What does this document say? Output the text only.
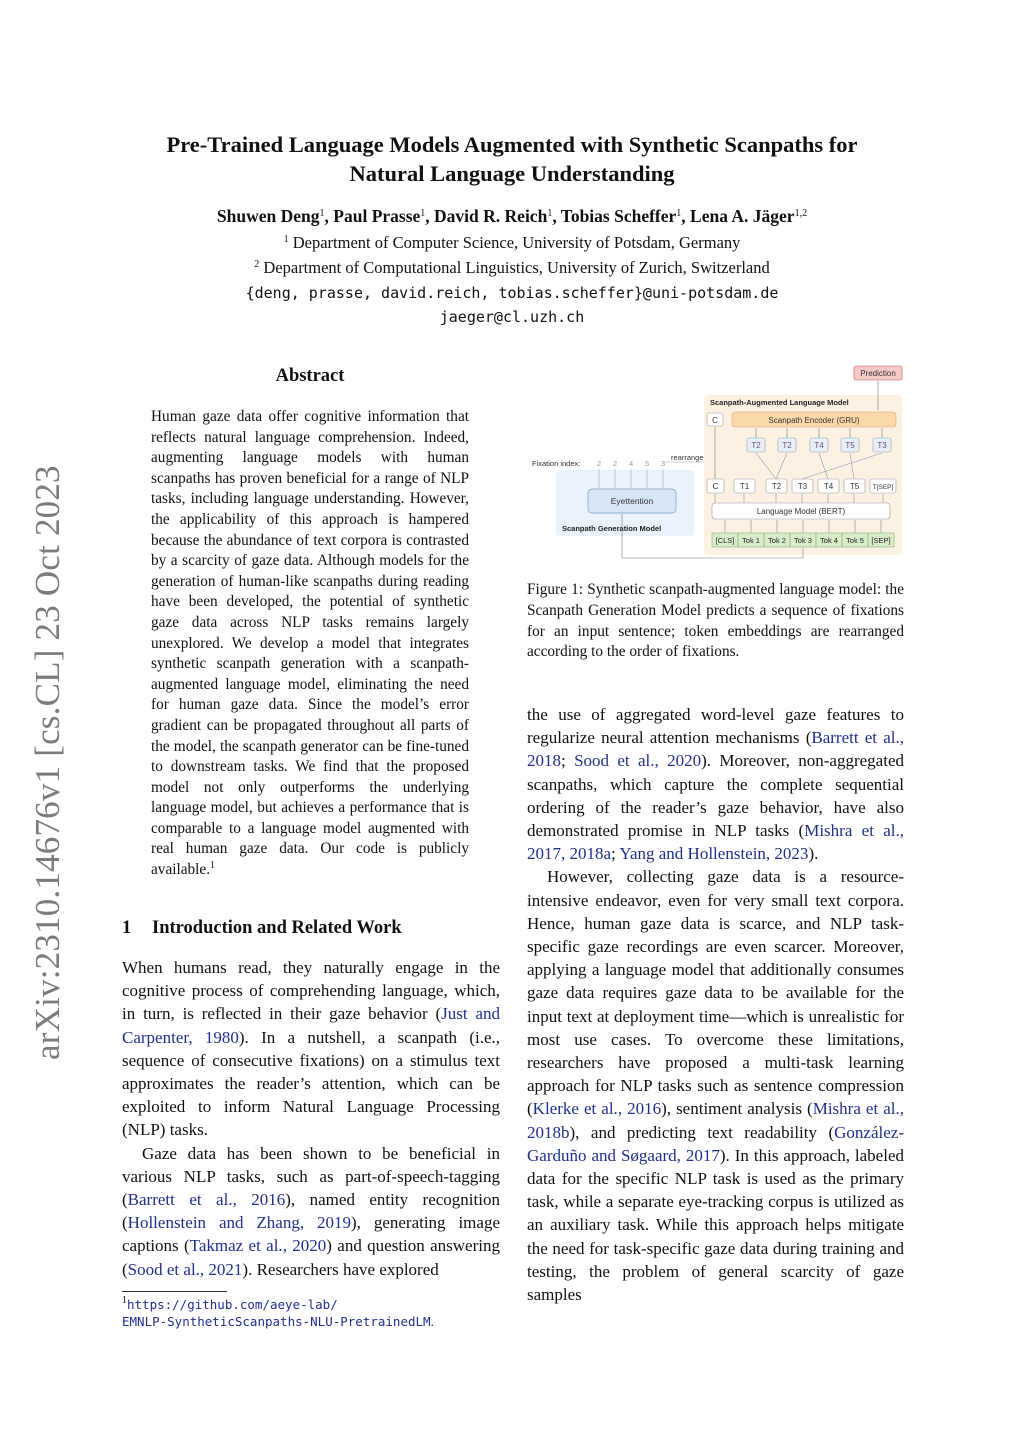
Pre-Trained Language Models Augmented with Synthetic Scanpaths for
Natural Language Understanding
Shuwen Deng$^1$, Paul Prasse$^1$, David R. Reich$^1$, Tobias Scheffer$^1$, Lena A. Jäger$^{1,2}$
$^1$ Department of Computer Science, University of Potsdam, Germany
$^2$ Department of Computational Linguistics, University of Zurich, Switzerland
{deng, prasse, david.reich, tobias.scheffer}@uni-potsdam.de
jaeger@cl.uzh.ch
arXiv:2310.14676v1 [cs.CL] 23 Oct 2023
Abstract
Human gaze data offer cognitive information that reflects natural language comprehension. Indeed, augmenting language models with human scanpaths has proven beneficial for a range of NLP tasks, including language understanding. However, the applicability of this approach is hampered because the abundance of text corpora is contrasted by a scarcity of gaze data. Although models for the generation of human-like scanpaths during reading have been developed, the potential of synthetic gaze data across NLP tasks remains largely unexplored. We develop a model that integrates synthetic scanpath generation with a scanpath-augmented language model, eliminating the need for human gaze data. Since the model’s error gradient can be propagated throughout all parts of the model, the scanpath generator can be fine-tuned to downstream tasks. We find that the proposed model not only outperforms the underlying language model, but achieves a performance that is comparable to a language model augmented with real human gaze data. Our code is publicly available.$^1$
1 Introduction and Related Work

When humans read, they naturally engage in the cognitive process of comprehending language, which, in turn, is reflected in their gaze behavior (Just and Carpenter, 1980). In a nutshell, a scanpath (i.e., sequence of consecutive fixations) on a stimulus text approximates the reader’s attention, which can be exploited to inform Natural Language Processing (NLP) tasks.

Gaze data has been shown to be beneficial in various NLP tasks, such as part-of-speech-tagging (Barrett et al., 2016), named entity recognition (Hollenstein and Zhang, 2019), generating image captions (Takmaz et al., 2020) and question answering (Sood et al., 2021). Researchers have explored

$^1$https://github.com/aeye-lab/
EMNLP-SyntheticScanpaths-NLU-PretrainedLM.
Prediction
Scanpath-Augmented Language Model
C	Scanpath Encoder (GRU)
T2	T2	T4	T5	T3
rearrange
Fixation index: 2 2 4 5 3
C	T1	T2 T3 T4 T5 T[SEP]
Language Model (BERT)
[CLS] Tok 1 Tok 2 Tok 3 Tok 4 Tok 5 [SEP]
Eyettention
Scanpath Generation Model
Figure 1: Synthetic scanpath-augmented language model: the Scanpath Generation Model predicts a sequence of fixations for an input sentence; token embeddings are rearranged according to the order of fixations.

the use of aggregated word-level gaze features to regularize neural attention mechanisms (Barrett et al., 2018; Sood et al., 2020). Moreover, non-aggregated scanpaths, which capture the complete sequential ordering of the reader’s gaze behavior, have also demonstrated promise in NLP tasks (Mishra et al., 2017, 2018a; Yang and Hollenstein, 2023).

However, collecting gaze data is a resource-intensive endeavor, even for very small text corpora. Hence, human gaze data is scarce, and NLP task-specific gaze recordings are even scarcer. Moreover, applying a language model that additionally consumes gaze data requires gaze data to be available for the input text at deployment time—which is unrealistic for most use cases. To overcome these limitations, researchers have proposed a multi-task learning approach for NLP tasks such as sentence compression (Klerke et al., 2016), sentiment analysis (Mishra et al., 2018b), and predicting text readability (González-Garduño and Søgaard, 2017). In this approach, labeled data for the specific NLP task is used as the primary task, while a separate eye-tracking corpus is utilized as an auxiliary task. While this approach helps mitigate the need for task-specific gaze data during training and testing, the problem of general scarcity of gaze samples
